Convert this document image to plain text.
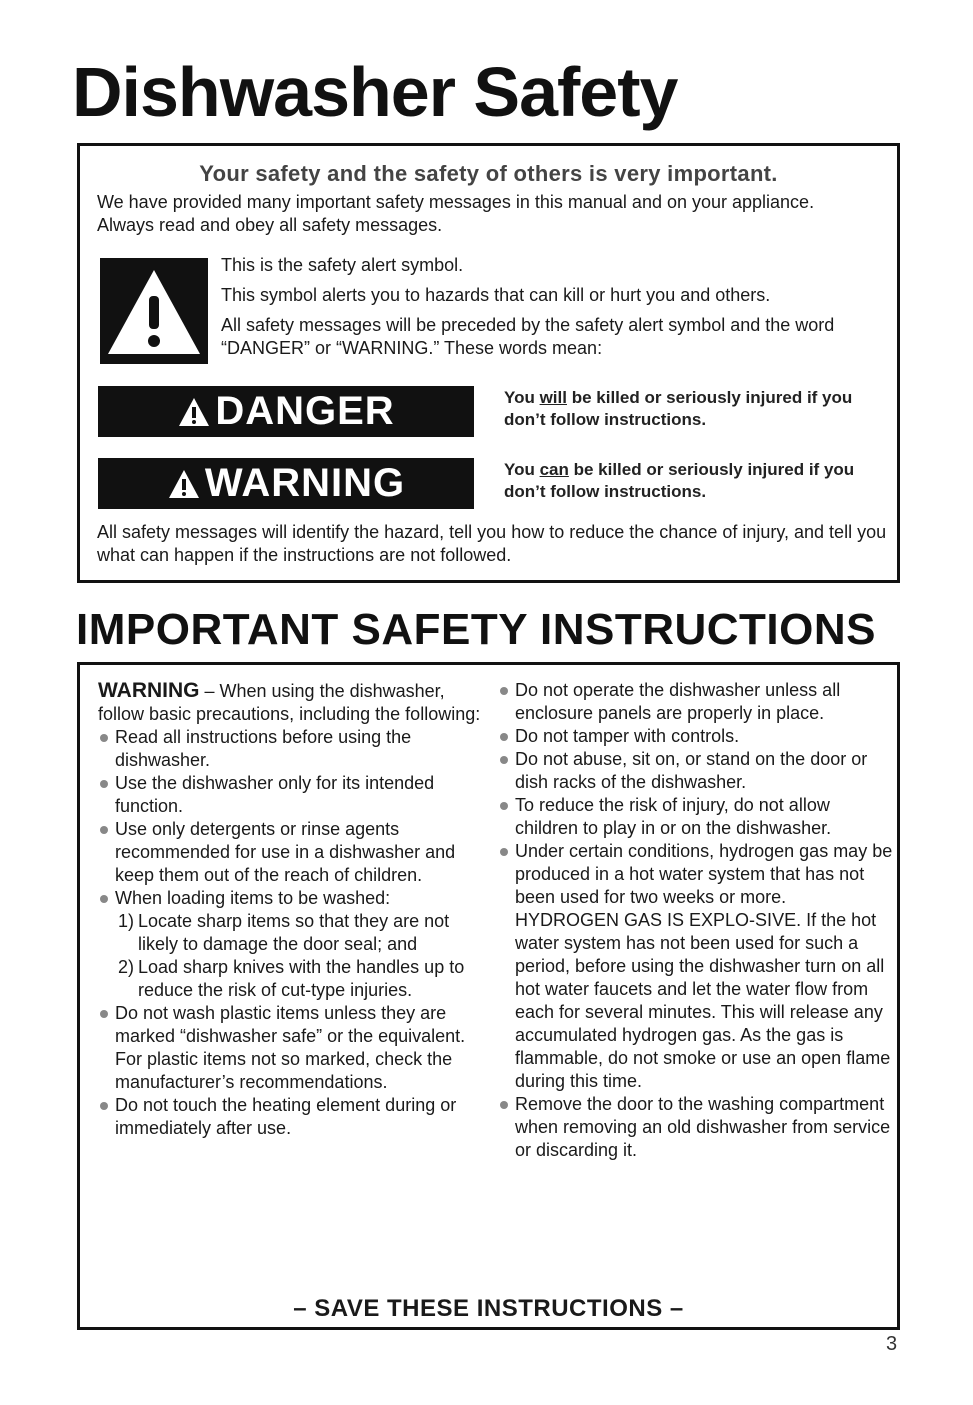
Dishwasher Safety
Your safety and the safety of others is very important.

We have provided many important safety messages in this manual and on your appliance. Always read and obey all safety messages.

This is the safety alert symbol.

This symbol alerts you to hazards that can kill or hurt you and others.

All safety messages will be preceded by the safety alert symbol and the word “DANGER” or “WARNING.” These words mean:

DANGER	You will be killed or seriously injured if you don’t follow instructions.
WARNING	You can be killed or seriously injured if you don’t follow instructions.

All safety messages will identify the hazard, tell you how to reduce the chance of injury, and tell you what can happen if the instructions are not followed.

IMPORTANT SAFETY INSTRUCTIONS

WARNING – When using the dishwasher, follow basic precautions, including the following:

Read all instructions before using the dishwasher.
Use the dishwasher only for its intended function.
Use only detergents or rinse agents recommended for use in a dishwasher and keep them out of the reach of children.
When loading items to be washed:
1) Locate sharp items so that they are not likely to damage the door seal; and
2) Load sharp knives with the handles up to reduce the risk of cut-type injuries.
Do not wash plastic items unless they are marked “dishwasher safe” or the equivalent. For plastic items not so marked, check the manufacturer’s recommendations.
Do not touch the heating element during or immediately after use.
Do not operate the dishwasher unless all enclosure panels are properly in place.
Do not tamper with controls.
Do not abuse, sit on, or stand on the door or dish racks of the dishwasher.
To reduce the risk of injury, do not allow children to play in or on the dishwasher.
Under certain conditions, hydrogen gas may be produced in a hot water system that has not been used for two weeks or more. HYDROGEN GAS IS EXPLO-SIVE. If the hot water system has not been used for such a period, before using the dishwasher turn on all hot water faucets and let the water flow from each for several minutes. This will release any accumulated hydrogen gas. As the gas is flammable, do not smoke or use an open flame during this time.
Remove the door to the washing compartment when removing an old dishwasher from service or discarding it.
– SAVE THESE INSTRUCTIONS –
3
